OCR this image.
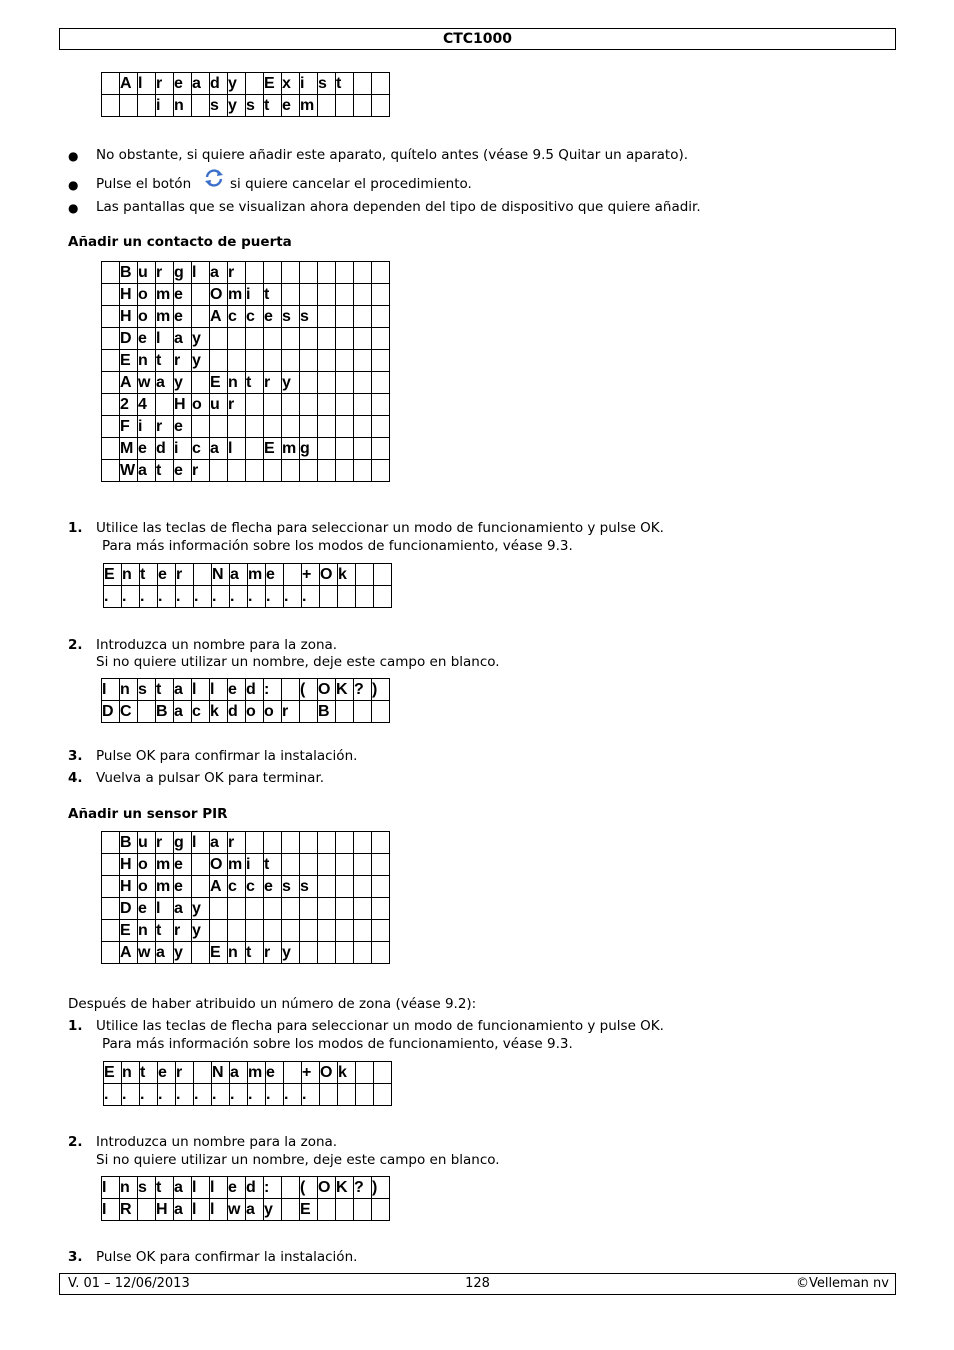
CTC1000
	A	l	r	e	a	d	y		E	x	i	s	t		
			i	n		s	y	s	t	e	m				
● No obstante, si quiere añadir este aparato, quítelo antes (véase 9.5 Quitar un aparato).
● Pulse el botón	si quiere cancelar el procedimiento.
● Las pantallas que se visualizan ahora dependen del tipo de dispositivo que quiere añadir.
Añadir un contacto de puerta
	B	u	r	g	l	a	r								
	H	o	m	e		O	m	i	t						
	H	o	m	e		A	c	c	e	s	s				
	D	e	l	a	y										
	E	n	t	r	y										
	A	w	a	y		E	n	t	r	y					
	2	4		H	o	u	r								
	F	i	r	e											
	M	e	d	i	c	a	l		E	m	g				
	W	a	t	e	r										
1. Utilice las teclas de flecha para seleccionar un modo de funcionamiento y pulse OK.
Para más información sobre los modos de funcionamiento, véase 9.3.
E	n	t	e	r		N	a	m	e		+	O	k		
.	.	.	.	.	.	.	.	.	.	.	.				
2. Introduzca un nombre para la zona.
Si no quiere utilizar un nombre, deje este campo en blanco.
I	n	s	t	a	l	l	e	d	:		(	O	K	?	)
D	C		B	a	c	k	d	o	o	r		B			
3. Pulse OK para confirmar la instalación.
4. Vuelva a pulsar OK para terminar.
Añadir un sensor PIR
	B	u	r	g	l	a	r								
	H	o	m	e		O	m	i	t						
	H	o	m	e		A	c	c	e	s	s				
	D	e	l	a	y										
	E	n	t	r	y										
	A	w	a	y		E	n	t	r	y					
Después de haber atribuido un número de zona (véase 9.2):
1. Utilice las teclas de flecha para seleccionar un modo de funcionamiento y pulse OK.
Para más información sobre los modos de funcionamiento, véase 9.3.
E	n	t	e	r		N	a	m	e		+	O	k		
.	.	.	.	.	.	.	.	.	.	.	.				
2. Introduzca un nombre para la zona.
Si no quiere utilizar un nombre, deje este campo en blanco.
I	n	s	t	a	l	l	e	d	:		(	O	K	?	)
I	R		H	a	l	l	w	a	y		E				
3. Pulse OK para confirmar la instalación.
V. 01 – 12/06/2013	128	©Velleman nv
